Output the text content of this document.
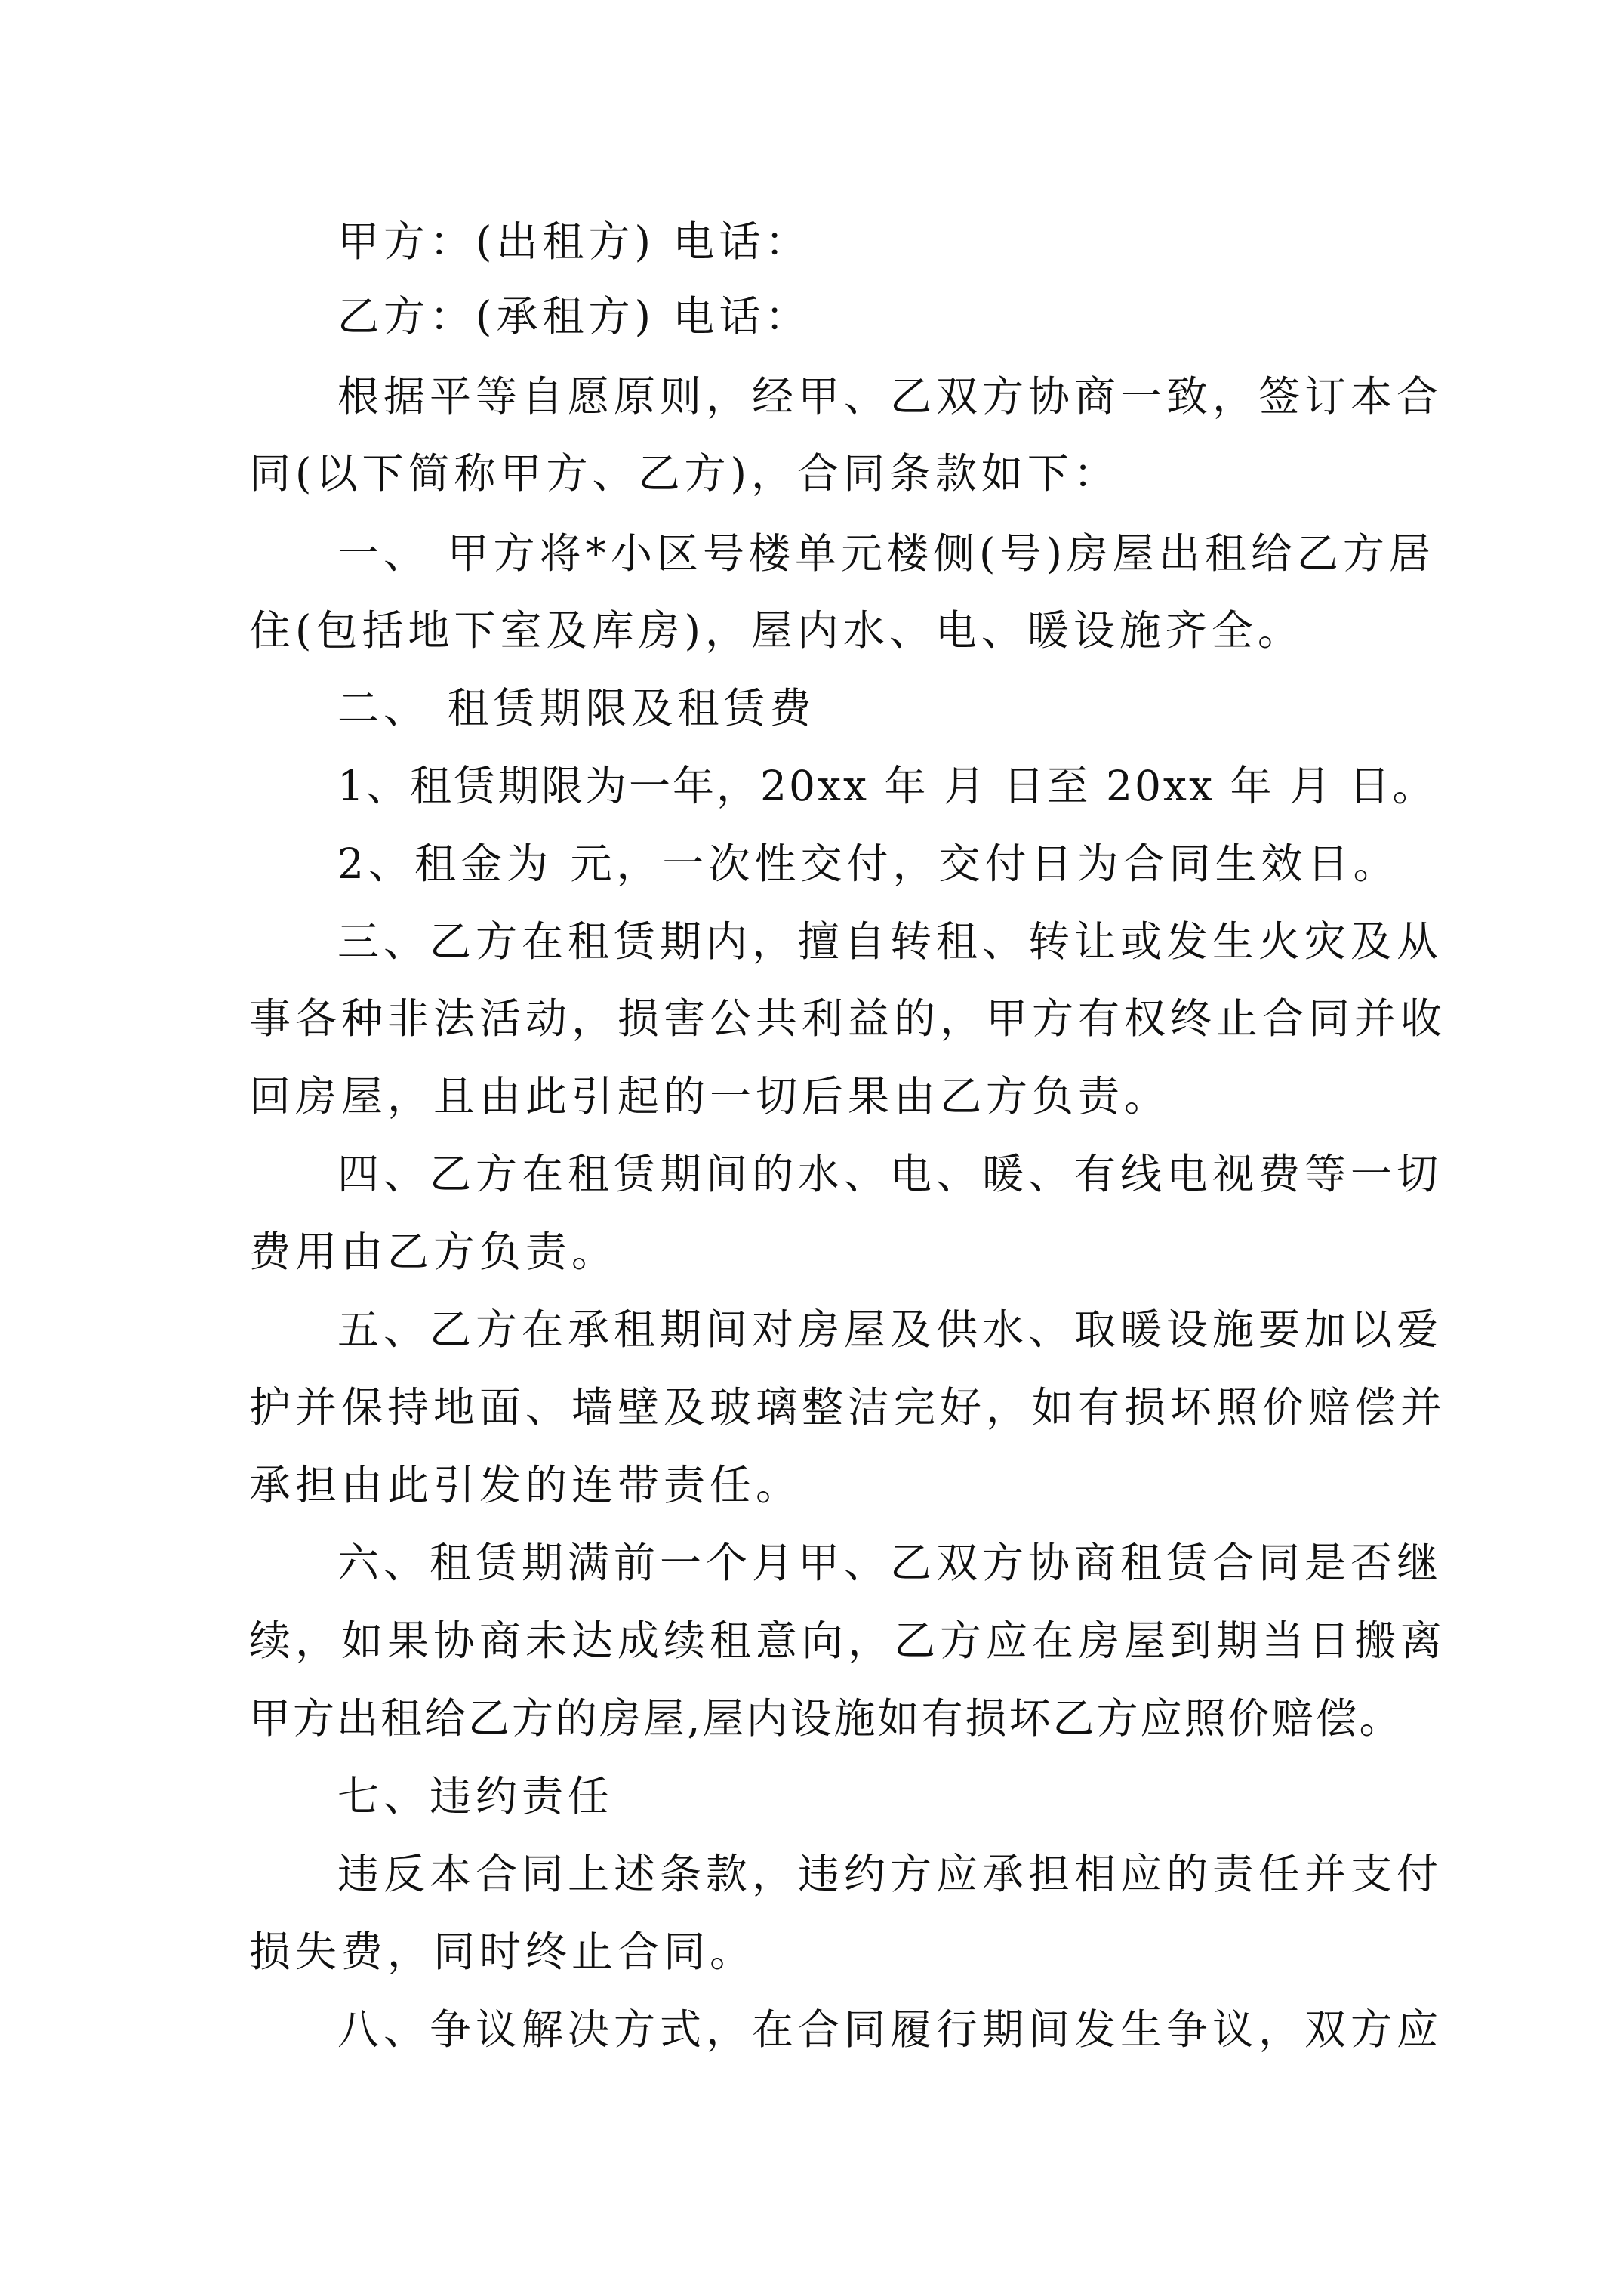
甲方：(出租方) 电话：
乙方：(承租方) 电话：
根据平等自愿原则，经甲、乙双方协商一致，签订本合
同(以下简称甲方、乙方)，合同条款如下：
一、 甲方将*小区号楼单元楼侧(号)房屋出租给乙方居
住(包括地下室及库房)，屋内水、电、暖设施齐全。
二、 租赁期限及租赁费
1、租赁期限为一年，20xx 年 月 日至 20xx 年 月 日。
2、租金为 元，一次性交付，交付日为合同生效日。
三、乙方在租赁期内，擅自转租、转让或发生火灾及从
事各种非法活动，损害公共利益的，甲方有权终止合同并收
回房屋，且由此引起的一切后果由乙方负责。
四、乙方在租赁期间的水、电、暖、有线电视费等一切
费用由乙方负责。
五、乙方在承租期间对房屋及供水、取暖设施要加以爱
护并保持地面、墙壁及玻璃整洁完好，如有损坏照价赔偿并
承担由此引发的连带责任。
六、租赁期满前一个月甲、乙双方协商租赁合同是否继
续，如果协商未达成续租意向，乙方应在房屋到期当日搬离
甲方出租给乙方的房屋,屋内设施如有损坏乙方应照价赔偿。
七、违约责任
违反本合同上述条款，违约方应承担相应的责任并支付
损失费，同时终止合同。
八、争议解决方式，在合同履行期间发生争议，双方应
